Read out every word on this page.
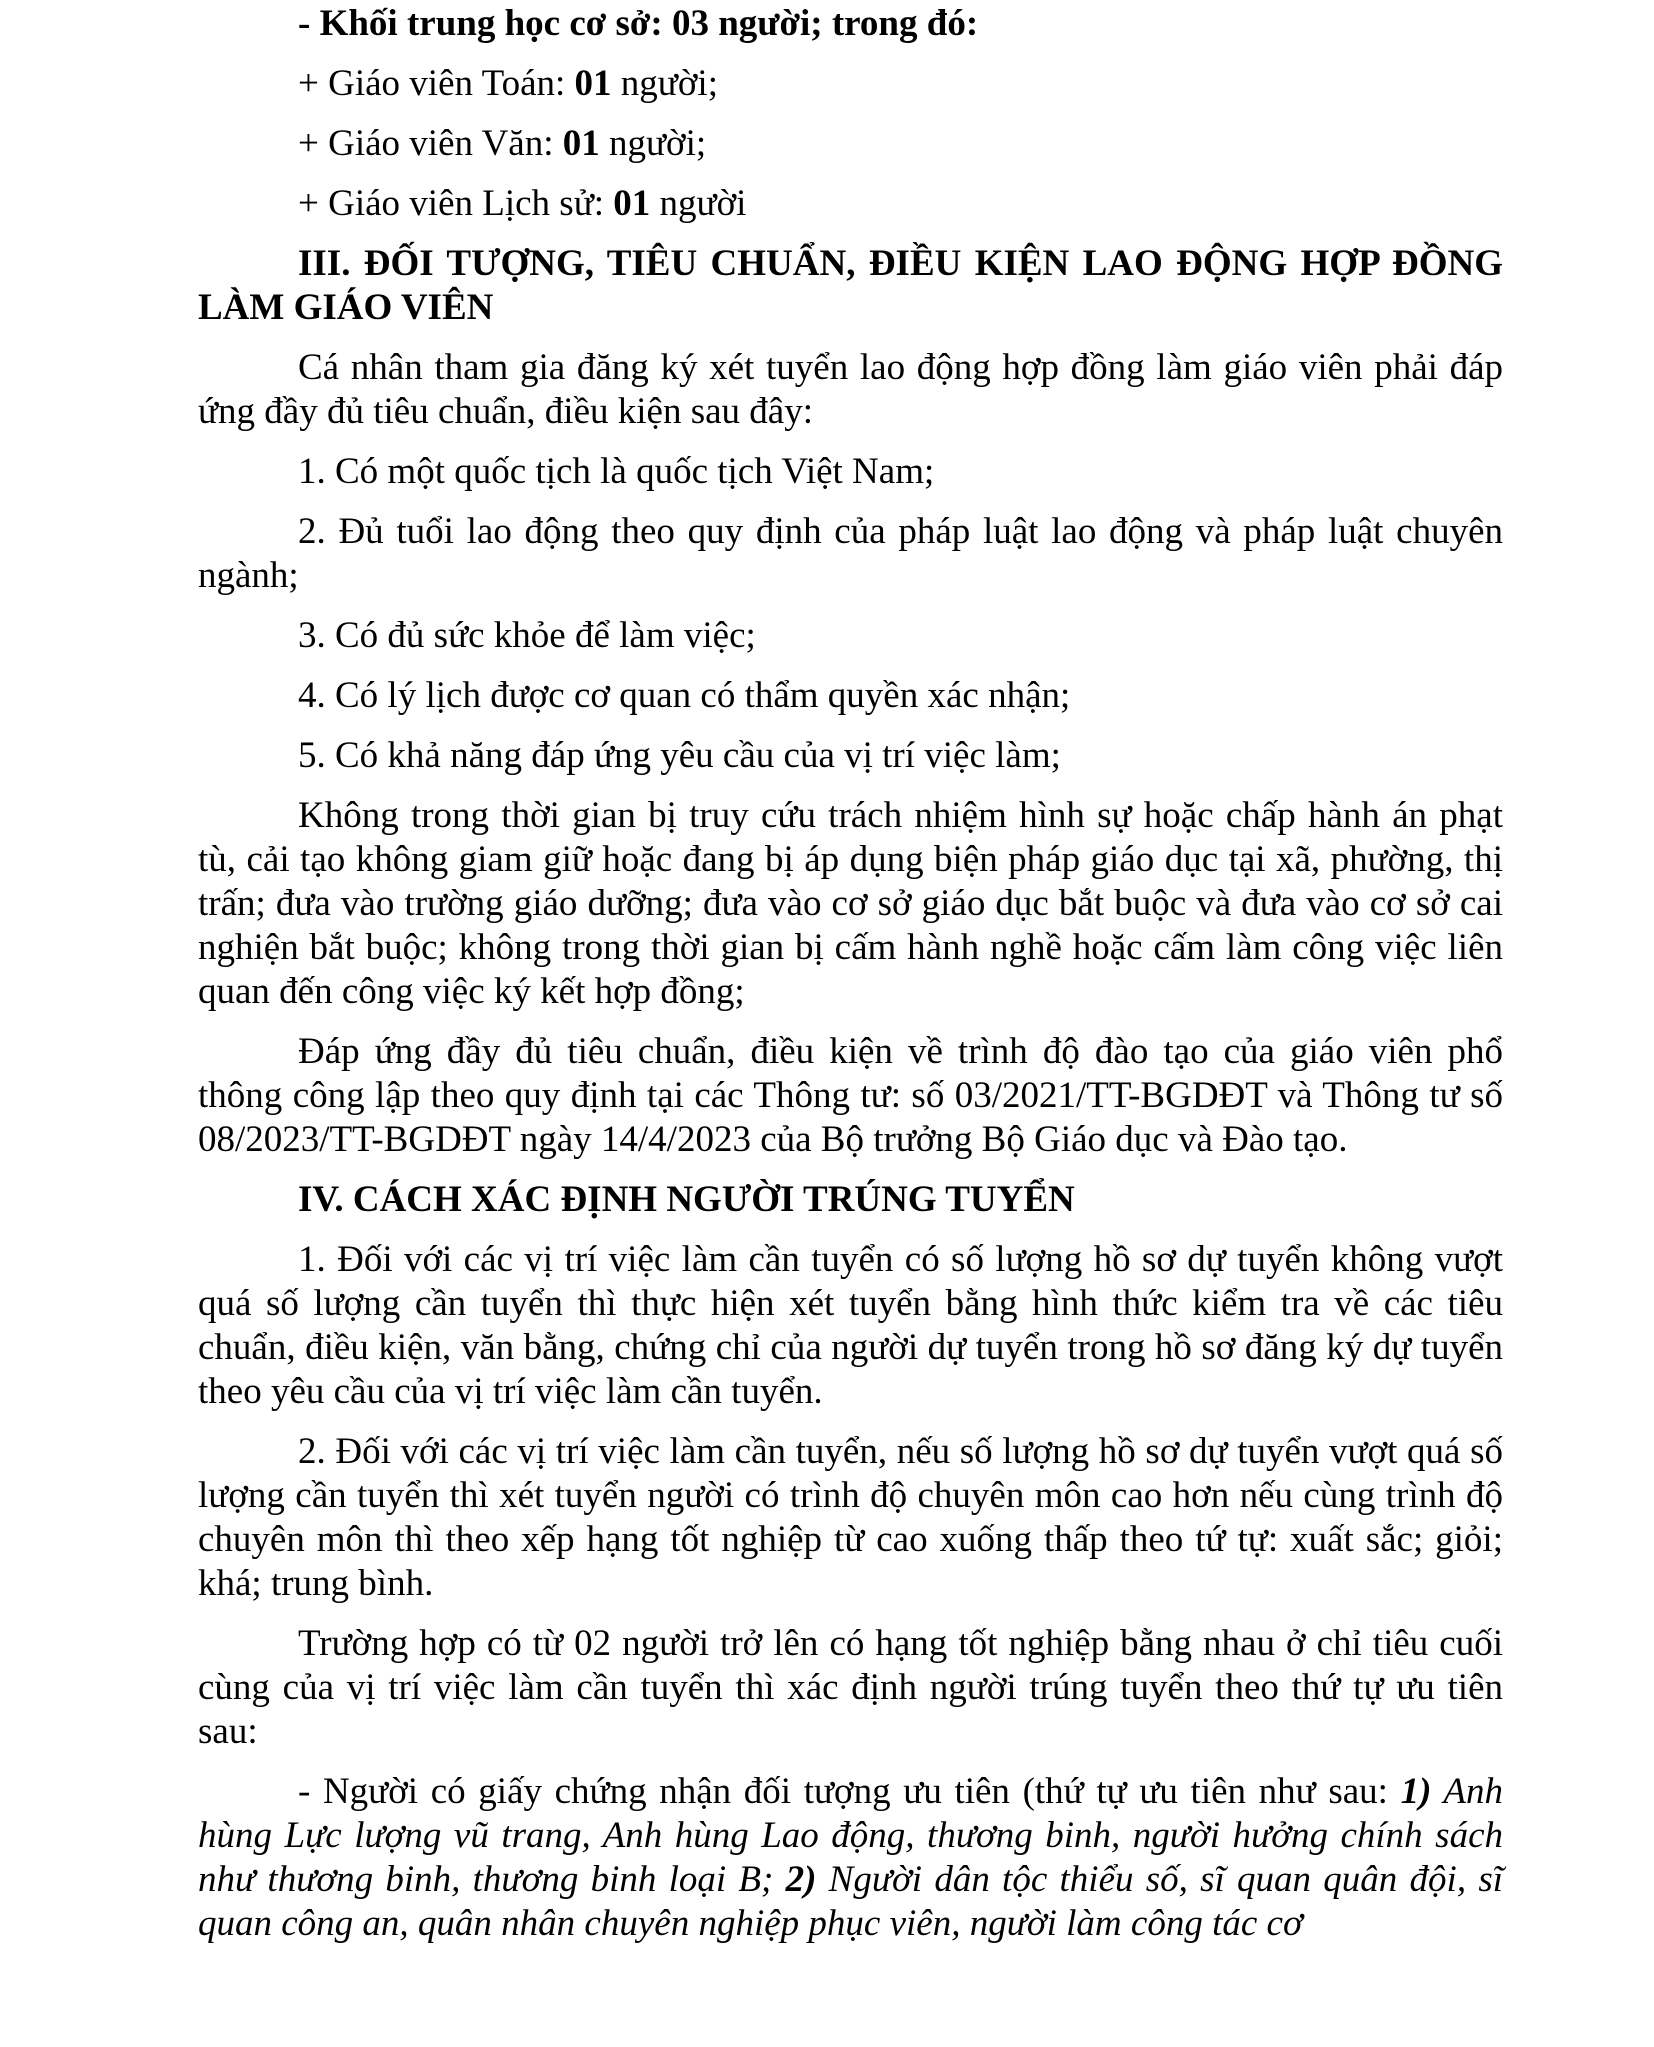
- Khối trung học cơ sở: 03 người; trong đó:

+ Giáo viên Toán: 01 người;

+ Giáo viên Văn: 01 người;

+ Giáo viên Lịch sử: 01 người

III. ĐỐI TƯỢNG, TIÊU CHUẨN, ĐIỀU KIỆN LAO ĐỘNG HỢP ĐỒNG LÀM GIÁO VIÊN

Cá nhân tham gia đăng ký xét tuyển lao động hợp đồng làm giáo viên phải đáp ứng đầy đủ tiêu chuẩn, điều kiện sau đây:

1. Có một quốc tịch là quốc tịch Việt Nam;

2. Đủ tuổi lao động theo quy định của pháp luật lao động và pháp luật chuyên ngành;

3. Có đủ sức khỏe để làm việc;

4. Có lý lịch được cơ quan có thẩm quyền xác nhận;

5. Có khả năng đáp ứng yêu cầu của vị trí việc làm;

Không trong thời gian bị truy cứu trách nhiệm hình sự hoặc chấp hành án phạt tù, cải tạo không giam giữ hoặc đang bị áp dụng biện pháp giáo dục tại xã, phường, thị trấn; đưa vào trường giáo dưỡng; đưa vào cơ sở giáo dục bắt buộc và đưa vào cơ sở cai nghiện bắt buộc; không trong thời gian bị cấm hành nghề hoặc cấm làm công việc liên quan đến công việc ký kết hợp đồng;

Đáp ứng đầy đủ tiêu chuẩn, điều kiện về trình độ đào tạo của giáo viên phổ thông công lập theo quy định tại các Thông tư: số 03/2021/TT-BGDĐT và Thông tư số 08/2023/TT-BGDĐT ngày 14/4/2023 của Bộ trưởng Bộ Giáo dục và Đào tạo.

IV. CÁCH XÁC ĐỊNH NGƯỜI TRÚNG TUYỂN

1. Đối với các vị trí việc làm cần tuyển có số lượng hồ sơ dự tuyển không vượt quá số lượng cần tuyển thì thực hiện xét tuyển bằng hình thức kiểm tra về các tiêu chuẩn, điều kiện, văn bằng, chứng chỉ của người dự tuyển trong hồ sơ đăng ký dự tuyển theo yêu cầu của vị trí việc làm cần tuyển.

2. Đối với các vị trí việc làm cần tuyển, nếu số lượng hồ sơ dự tuyển vượt quá số lượng cần tuyển thì xét tuyển người có trình độ chuyên môn cao hơn nếu cùng trình độ chuyên môn thì theo xếp hạng tốt nghiệp từ cao xuống thấp theo tứ tự: xuất sắc; giỏi; khá; trung bình.

Trường hợp có từ 02 người trở lên có hạng tốt nghiệp bằng nhau ở chỉ tiêu cuối cùng của vị trí việc làm cần tuyển thì xác định người trúng tuyển theo thứ tự ưu tiên sau:

- Người có giấy chứng nhận đối tượng ưu tiên (thứ tự ưu tiên như sau: 1) Anh hùng Lực lượng vũ trang, Anh hùng Lao động, thương binh, người hưởng chính sách như thương binh, thương binh loại B; 2) Người dân tộc thiểu số, sĩ quan quân đội, sĩ quan công an, quân nhân chuyên nghiệp phục viên, người làm công tác cơ
